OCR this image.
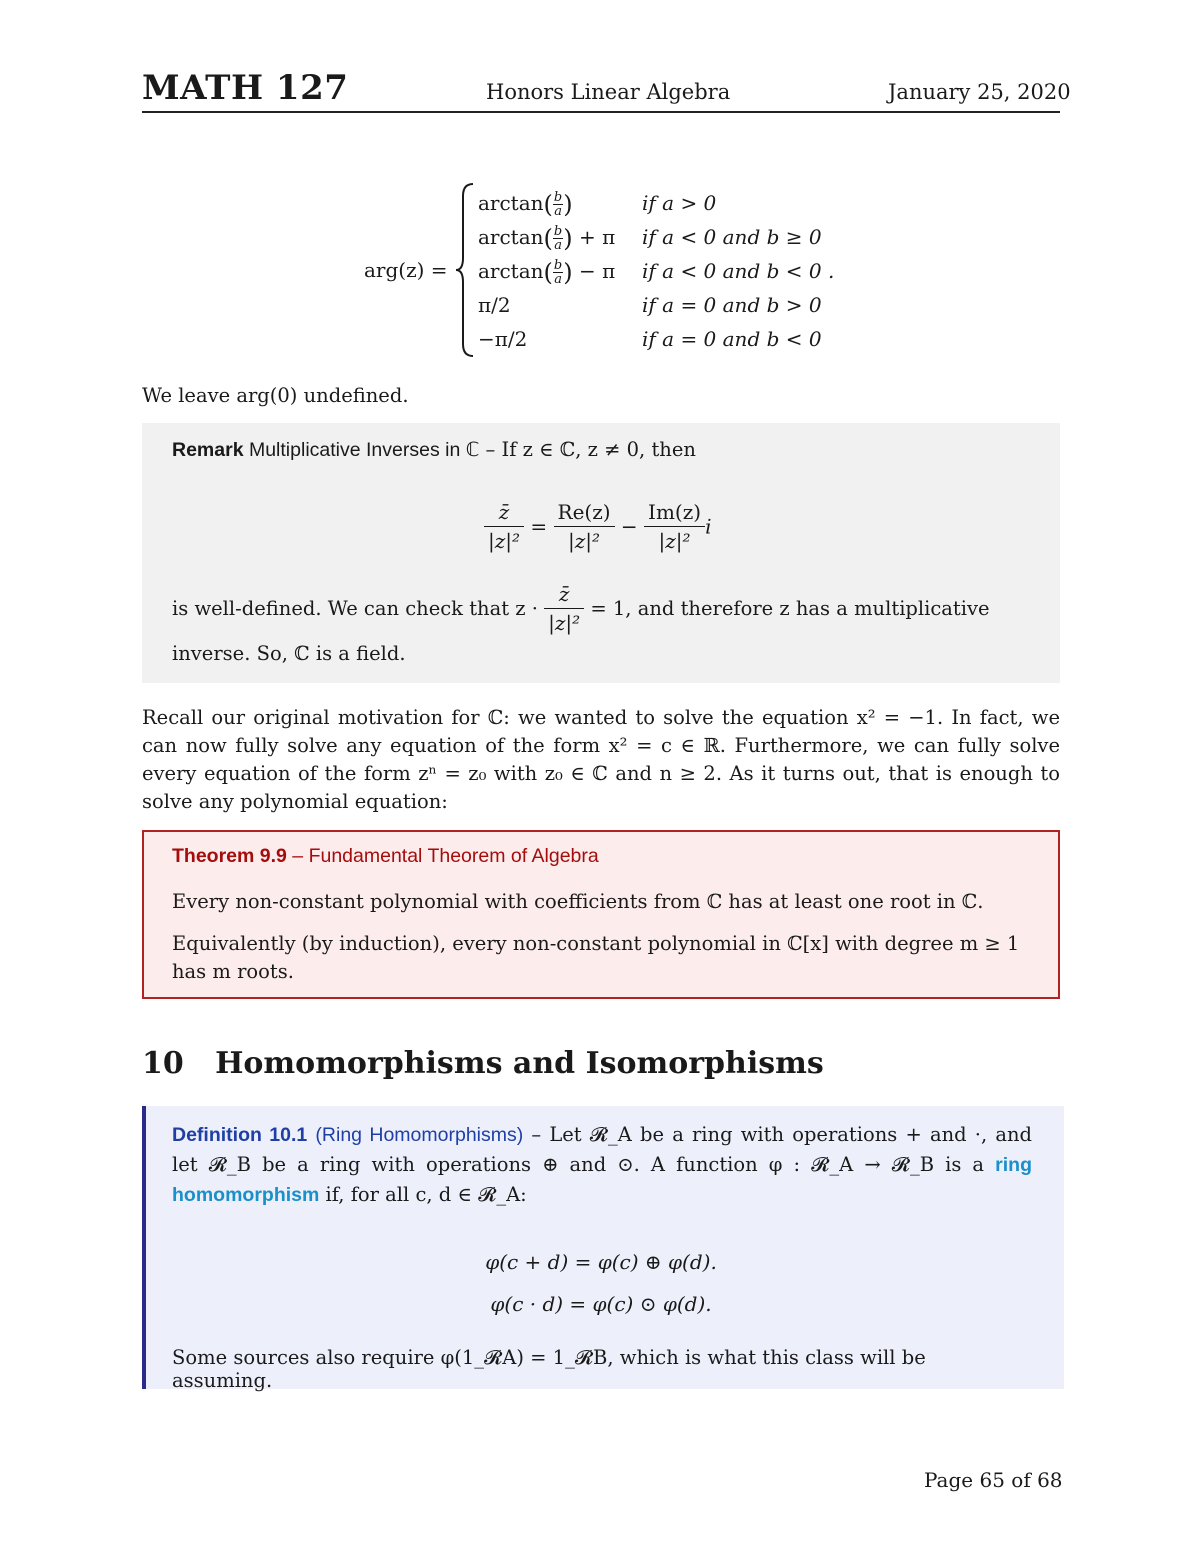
MATH 127	Honors Linear Algebra	January 25, 2020
arg(z) =
$\arctan( \frac{b}{a}$ )	if a > 0
$\arctan( \frac{b}{a}$ ) + π if a < 0 and b ≥ 0
$\arctan( \frac{b}{a}$ ) − π if a < 0 and b < 0 .
π/2	if a = 0 and b > 0
−π/2	if a = 0 and b < 0
We leave arg(0) undefined.
Remark Multiplicative Inverses in ℂ – If z ∈ ℂ, z ≠ 0, then
$\frac{z̄}{\text{|z|²}} = \frac{Re(z)}{\text{|z|²}} - \frac{Im(z)}{\text{|z|²}}$ i
is well-defined. We can check that $z \cdot \frac{z̄}{\text{|z|²}} = 1$, and therefore z has a multiplicative
inverse. So, ℂ is a field.
Recall our original motivation for ℂ: we wanted to solve the equation x² = −1. In fact, we can now fully solve any equation of the form x² = c ∈ ℝ. Furthermore, we can fully solve every equation of the form zⁿ = z₀ with z₀ ∈ ℂ and n ≥ 2. As it turns out, that is enough to solve any polynomial equation:
Theorem 9.9 – Fundamental Theorem of Algebra
Every non-constant polynomial with coefficients from ℂ has at least one root in ℂ.
Equivalently (by induction), every non-constant polynomial in ℂ[x] with degree m ≥ 1
has m roots.
10   Homomorphisms and Isomorphisms
Definition 10.1 (Ring Homomorphisms) – Let 𝓡_A be a ring with operations + and ·, and let 𝓡_B be a ring with operations ⊕ and ⊙. A function φ : 𝓡_A → 𝓡_B is a ring homomorphism if, for all c, d ∈ 𝓡_A:
φ(c + d) = φ(c) ⊕ φ(d).
φ(c · d) = φ(c) ⊙ φ(d).
Some sources also require φ(1_𝓡A) = 1_𝓡B, which is what this class will be assuming.
Page 65 of 68
